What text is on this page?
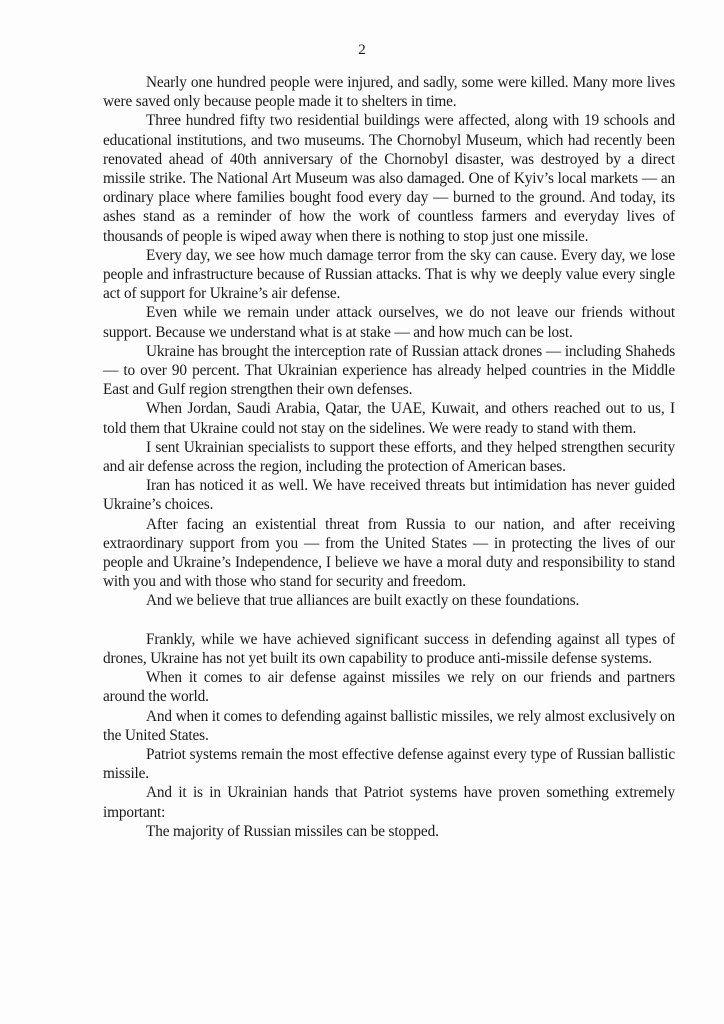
2

Nearly one hundred people were injured, and sadly, some were killed. Many more lives were saved only because people made it to shelters in time.

Three hundred fifty two residential buildings were affected, along with 19 schools and educational institutions, and two museums. The Chornobyl Museum, which had recently been renovated ahead of 40th anniversary of the Chornobyl disaster, was destroyed by a direct missile strike. The National Art Museum was also damaged. One of Kyiv’s local markets — an ordinary place where families bought food every day — burned to the ground. And today, its ashes stand as a reminder of how the work of countless farmers and everyday lives of thousands of people is wiped away when there is nothing to stop just one missile.

Every day, we see how much damage terror from the sky can cause. Every day, we lose people and infrastructure because of Russian attacks. That is why we deeply value every single act of support for Ukraine’s air defense.

Even while we remain under attack ourselves, we do not leave our friends without support. Because we understand what is at stake — and how much can be lost.

Ukraine has brought the interception rate of Russian attack drones — including Shaheds — to over 90 percent. That Ukrainian experience has already helped countries in the Middle East and Gulf region strengthen their own defenses.

When Jordan, Saudi Arabia, Qatar, the UAE, Kuwait, and others reached out to us, I told them that Ukraine could not stay on the sidelines. We were ready to stand with them.

I sent Ukrainian specialists to support these efforts, and they helped strengthen security and air defense across the region, including the protection of American bases.

Iran has noticed it as well. We have received threats but intimidation has never guided Ukraine’s choices.

After facing an existential threat from Russia to our nation, and after receiving extraordinary support from you — from the United States — in protecting the lives of our people and Ukraine’s Independence, I believe we have a moral duty and responsibility to stand with you and with those who stand for security and freedom.

And we believe that true alliances are built exactly on these foundations.

Frankly, while we have achieved significant success in defending against all types of drones, Ukraine has not yet built its own capability to produce anti-missile defense systems.

When it comes to air defense against missiles we rely on our friends and partners around the world.

And when it comes to defending against ballistic missiles, we rely almost exclusively on the United States.

Patriot systems remain the most effective defense against every type of Russian ballistic missile.

And it is in Ukrainian hands that Patriot systems have proven something extremely important:

The majority of Russian missiles can be stopped.
